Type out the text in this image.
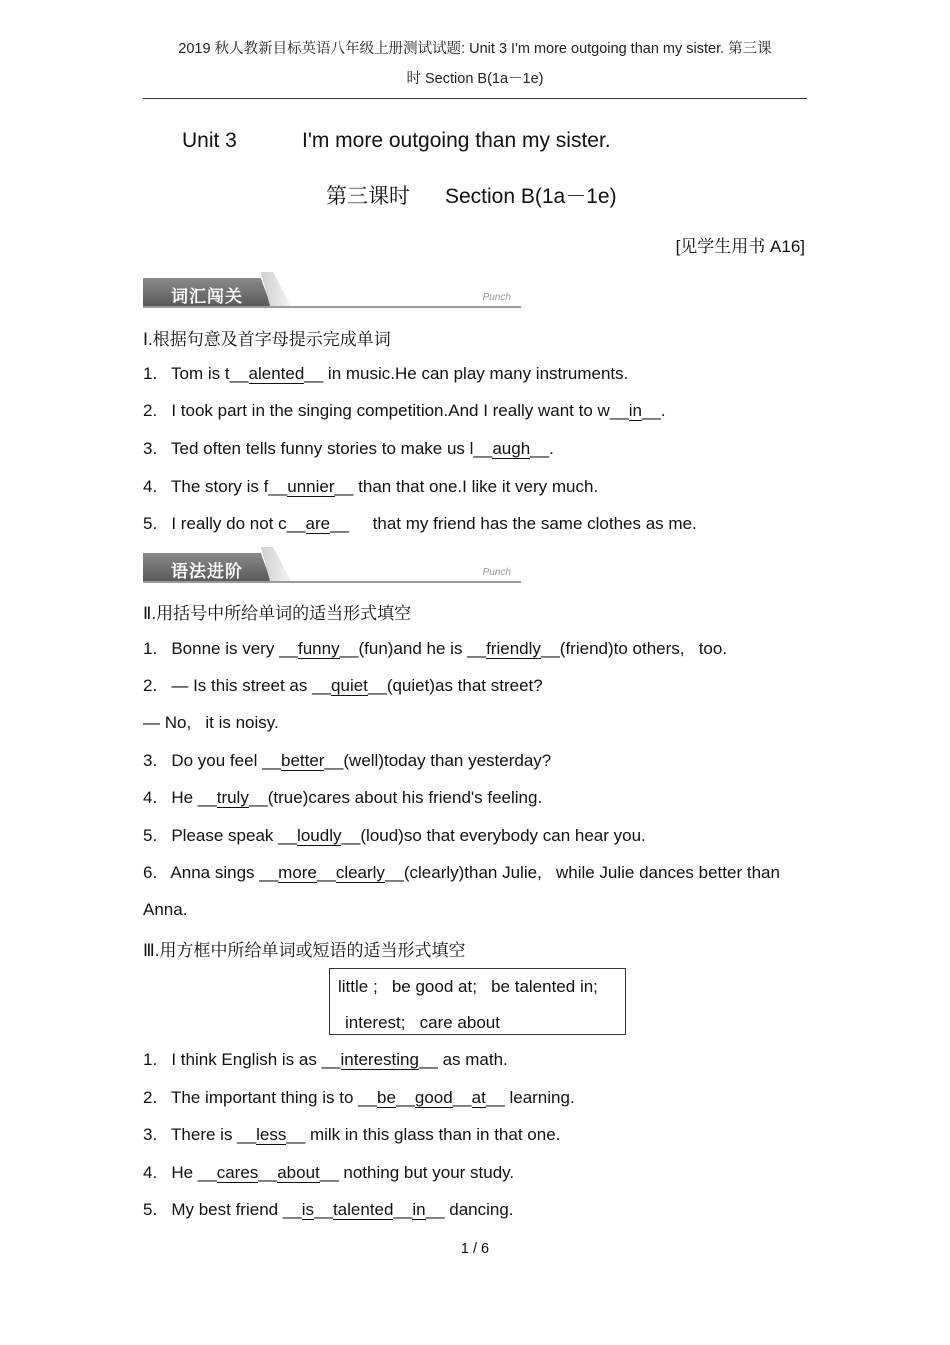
2019 秋人教新目标英语八年级上册测试试题: Unit 3 I'm more outgoing than my sister. 第三课
时 Section B(1a－1e)
Unit 3	I'm more outgoing than my sister.
第三课时 Section B(1a－1e)
[见学生用书 A16]
词汇闯关	Punch
Ⅰ.根据句意及首字母提示完成单词
1.   Tom is t__alented__ in music.He can play many instruments.
2.   I took part in the singing competition.And I really want to w__in__.
3.   Ted often tells funny stories to make us l__augh__.
4.   The story is f__unnier__ than that one.I like it very much.
5.   I really do not c__are__     that my friend has the same clothes as me.
语法进阶	Punch
Ⅱ.用括号中所给单词的适当形式填空
1.   Bonne is very __funny__(fun)and he is __friendly__(friend)to others,   too.
2.   — Is this street as __quiet__(quiet)as that street?
— No,   it is noisy.
3.   Do you feel __better__(well)today than yesterday?
4.   He __truly__(true)cares about his friend's feeling.
5.   Please speak __loudly__(loud)so that everybody can hear you.
6.   Anna sings __more__clearly__(clearly)than Julie,   while Julie dances better than
Anna.
Ⅲ.用方框中所给单词或短语的适当形式填空
little ;   be good at;   be talented in;
interest;   care about
1.   I think English is as __interesting__ as math.
2.   The important thing is to __be__good__at__ learning.
3.   There is __less__ milk in this glass than in that one.
4.   He __cares__about__ nothing but your study.
5.   My best friend __is__talented__in__ dancing.
1 / 6
